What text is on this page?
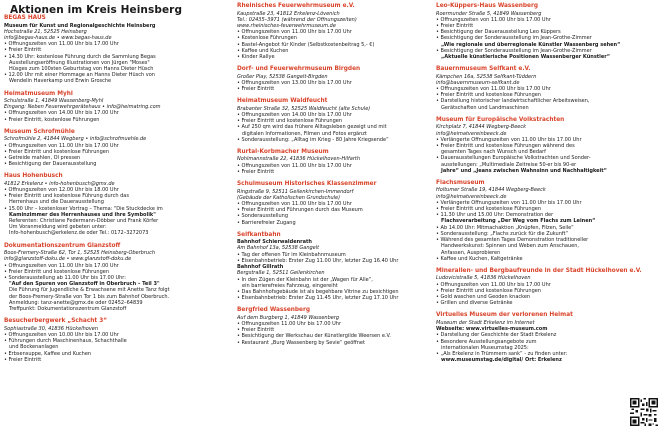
Aktionen im Kreis Heinsberg
BEGAS HAUS
Museum für Kunst und Regionalgeschichte Heinsberg
Hochstraße 21, 52525 Heinsberg
info@begas-haus.de • www.begas-haus.de
• Öffnungszeiten von 11.00 Uhr bis 17.00 Uhr
• Freier Eintritt
• 14.30 Uhr: kostenlose Führung durch die Sammlung Begas
Ausstellungseröffnung Illustrationen von Jürgen "Moses"
Hüsges zum 100sten Geburtstag von Hanns Dieter Hüsch
• 12.00 Uhr mit einer Hommage an Hanns Dieter Hüsch von
Wendelin Haverkamp und Erwin Grosche
Heimatmuseum Myhl
Schulstraße 1, 41849 Wassenberg-Myhl
Eingang: Neben Feuerwehrgerätehaus • info@heimatring.com
• Öffnungszeiten von 14.00 Uhr bis 17.00 Uhr
• Freier Eintritt, kostenlose Führungen
Museum Schrofmühle
Schrofmühle 2, 41844 Wegberg • info@schrofmuehle.de
• Öffnungszeiten von 11.00 Uhr bis 17.00 Uhr
• Freier Eintritt und kostenlose Führungen
• Getreide mahlen, Öl pressen
• Besichtigung der Dauerausstellung
Haus Hohenbusch
41812 Erkelenz • info-hohenbusch@gmx.de
• Öffnungszeiten von 12.00 Uhr bis 18.00 Uhr
• Freier Eintritt und kostenlose Führung durch das
Herrenhaus und die Dauerausstellung
• 15.00 Uhr – kostenloser Vortrag – Thema: "Die Stuckdecke im
Kaminzimmer des Herrenhauses und ihre Symbolik"
Referenten: Christiane Federmann-Döbber und Frank Körfer
Um Voranmeldung wird gebeten unter:
Info-hohenbusch@erkelenz.de oder Tel.: 0172–3272073
Dokumentationszentrum Glanzstoff
Boos-Fremery-Straße 62, Tor 1, 52525 Heinsberg-Oberbruch
info@glanzstoff-doku.de • www.glanzstoff-doku.de
• Öffnungszeiten von 11.00 Uhr bis 17.00 Uhr
• Freier Eintritt und kostenlose Führungen
• Sonderausstellung ab 11.00 Uhr bis 17.00 Uhr:
"Auf den Spuren von Glanzstoff in Oberbruch – Teil 3"
Die Führung für Jugendliche & Erwachsene mit Anette Tanz folgt
der Boos-Fremery-Straße von Tor 1 bis zum Bahnhof Oberbruch.
Anmeldung: tanz-anette@gmx.de oder 02452–64839
Treffpunkt: Dokumentationszentrum Glanzstoff
Besucherbergwerk „Schacht 3“
Sophiastraße 30, 41836 Hückelhoven
• Öffnungszeiten von 10.00 Uhr bis 17.00 Uhr
• Führungen durch Maschinenhaus, Schachthalle
und Bockenanlagen
• Erbsensuppe, Kaffee und Kuchen
• Freier Eintritt
Rheinisches Feuerwehrmuseum e.V.
Kaupstraße 23, 41812 Erkelenz-Lövenich
Tel.: 02435–3971 (während der Öffnungszeiten)
www.rheinisches-feuerwehrmuseum.de
• Öffnungszeiten von 11.00 Uhr bis 17.00 Uhr
• Kostenlose Führungen
• Bastel-Angebot für Kinder (Selbstkostenbeitrag 5,- €)
• Kaffee und Kuchen
• Kinder Rallye
Dorf- und Feuerwehrmuseum Birgden
Großer Play, 52538 Gangelt-Birgden
• Öffnungszeiten von 13.00 Uhr bis 17.00 Uhr
• Freier Eintritt
Heimatmuseum Waldfeucht
Brabanter Straße 32, 52525 Waldfeucht (alte Schule)
• Öffnungszeiten von 14.00 Uhr bis 17.00 Uhr
• Freier Eintritt und kostenlose Führungen
• Auf 250 qm wird das frühere Alltagsleben gezeigt und mit
digitalen Informationen, Filmen und Fotos ergänzt
• Sonderausstellung: „Alltag im Krieg - 80 Jahre Kriegsende“
Rurtal-Korbmacher Museum
Nohlmannstraße 22, 41836 Hückelhoven-Hilfarth
• Öffnungszeiten von 11.00 Uhr bis 17.00 Uhr
• Freier Eintritt
Schulmuseum Historisches Klassenzimmer
Ringstraße 9, 52511 Geilenkirchen-Immendorf
(Gebäude der Katholischen Grundschule)
• Öffnungszeiten von 11.00 Uhr bis 17.00 Uhr
• Freier Eintritt und Führungen durch das Museum
• Sonderausstellung
• Barrierefreier Zugang
Selfkantbahn
Bahnhof Schierwaldenrath
Am Bahnhof 13a, 52538 Gangelt
• Tag der offenen Tür im Kleinbahnmuseum
• Eisenbahnbetrieb: Erster Zug 11.00 Uhr, letzter Zug 16.40 Uhr
Bahnhof Gillrath
Bergstraße 1, 52511 Geilenkirchen
• In den Zügen der Kleinbahn ist der „Wagen für Alle“,
ein barrierefreies Fahrzeug, eingereiht
• Das Bahnhofsgebäude ist als begehbare Vitrine zu besichtigen
• Eisenbahnbetrieb: Erster Zug 11.45 Uhr, letzter Zug 17.10 Uhr
Bergfried Wassenberg
Auf dem Burgberg 1, 41849 Wassenberg
• Öffnungszeiten 11.00 Uhr bis 17.00 Uhr
• Freier Eintritt
• Besichtigung der Werkschau der Künstlergilde Weersen e.V.
• Restaurant „Burg Wassenberg by Sevie“ geöffnet
Leo-Küppers-Haus Wassenberg
Roermunder Straße 5, 41849 Wassenberg
• Öffnungszeiten von 11.00 Uhr bis 17.00 Uhr
• Freier Eintritt
• Besichtigung der Dauerausstellung Leo Küppers
• Besichtigung der Sonderausstellung im Jean-Grothe-Zimmer
„Wie regionale und überregionale Künstler Wassenberg sehen“
• Besichtigung der Sonderausstellung im Jean-Grothe-Zimmer
„Aktuelle künstlerische Positionen Wassenberger Künstler“
Bauernmuseum Selfkant e.V.
Kämpchen 16a, 52538 Selfkant-Tüddern
info@bauernmuseum-selfkant.de
• Öffnungszeiten von 11.00 Uhr bis 17.00 Uhr
• Freier Eintritt und kostenlose Führungen
• Darstellung historischer landwirtschaftlicher Arbeitsweisen,
Gerätschaften und Landmaschinen
Museum für Europäische Volkstrachten
Kirchplatz 7, 41844 Wegberg-Beeck
info@heimatvereinbeeck.de
• Verlängerte Öffnungszeiten von 11.00 Uhr bis 17.00 Uhr
• Freier Eintritt und kostenlose Führungen während des
gesamten Tages nach Wunsch und Bedarf
• Dauerausstellungen Europäische Volkstrachten und Sonder-
ausstellungen: „Multimediale Zeitreise 50-er bis 90-er
Jahre“ und „Jeans zwischen Wahnsinn und Nachhaltigkeit“
Flachsmuseum
Holtumer Straße 19, 41844 Wegberg-Beeck
info@heimatvereinbeeck.de
• Verlängerte Öffnungszeiten von 11.00 Uhr bis 17.00 Uhr
• Freier Eintritt und kostenlose Führungen
• 11.30 Uhr und 15.00 Uhr: Demonstration der
Flachsverarbeitung „Der Weg vom Flachs zum Leinen“
• Ab 14.00 Uhr: Mitmachaktion „Knüpfen, Filzen, Seile“
• Sonderausstellung: „Flachs zurück für die Zukunft“
• Während des gesamten Tages Demonstration traditioneller
Handwerkskunst: Spinnen und Weben zum Anschauen,
Anfassen, Ausprobieren
• Kaffee und Kuchen, Kaltgetränke
Mineralien- und Bergbaufreunde in der Stadt Hückelhoven e.V.
Ludovicistraße 5, 41836 Hückelhoven
• Öffnungszeiten von 11.00 Uhr bis 17.00 Uhr
• Freier Eintritt und kostenlose Führungen
• Gold waschen und Geoden knacken
• Grillen und diverse Getränke
Virtuelles Museum der verlorenen Heimat
Museum der Stadt Erkelenz im Internet
Webseite: www.virtuelles-museum.com
• Darstellung der Geschichte der Stadt Erkelenz
• Besondere Ausstellungsangebote zum
internationalen Museumstag 2025:
• „Als Erkelenz in Trümmern sank“ - zu finden unter:
www.museumstag.de/digital/ Ort: Erkelenz
